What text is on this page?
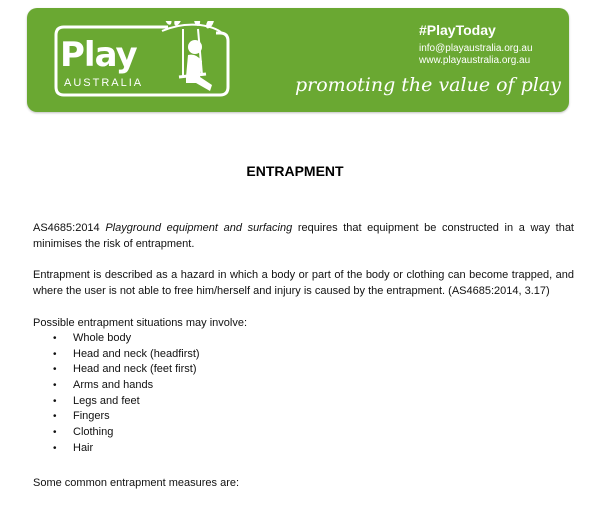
Play
AUSTRALIA
#PlayToday
info@playaustralia.org.au
www.playaustralia.org.au
promoting the value of play
ENTRAPMENT

AS4685:2014 Playground equipment and surfacing requires that equipment be constructed in a way that minimises the risk of entrapment.

Entrapment is described as a hazard in which a body or part of the body or clothing can become trapped, and where the user is not able to free him/herself and injury is caused by the entrapment. (AS4685:2014, 3.17)

Possible entrapment situations may involve:

• Whole body
• Head and neck (headfirst)
• Head and neck (feet first)
• Arms and hands
• Legs and feet
• Fingers
• Clothing
• Hair

Some common entrapment measures are:
